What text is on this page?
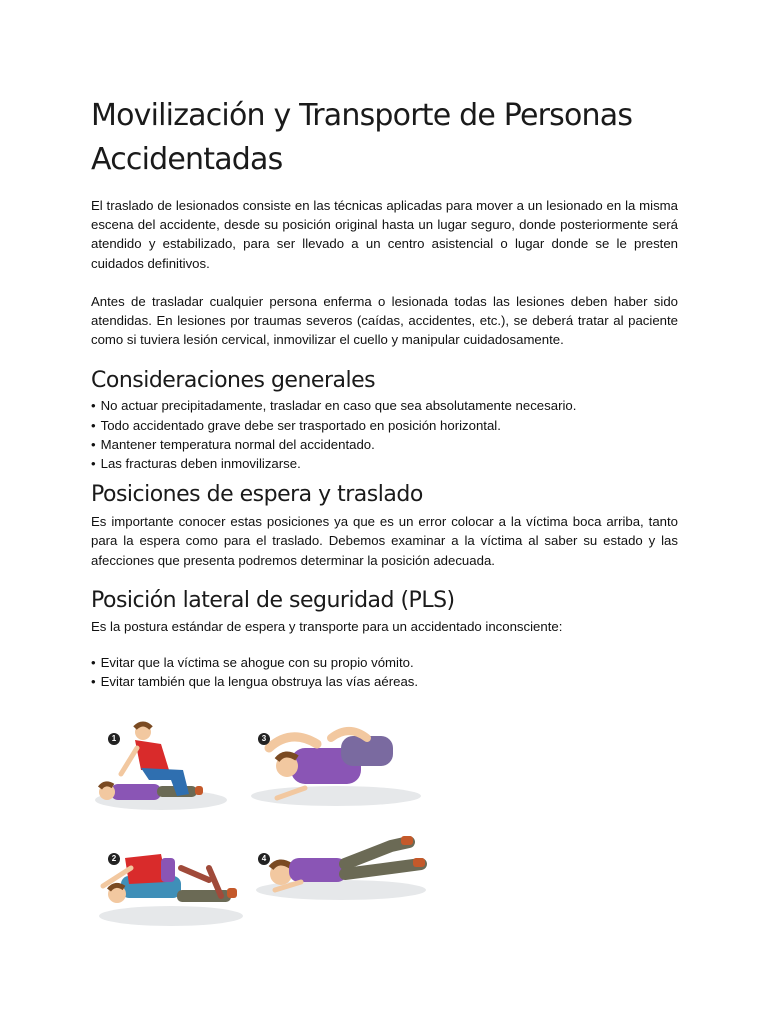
Movilización y Transporte de Personas Accidentadas

El traslado de lesionados consiste en las técnicas aplicadas para mover a un lesionado en la misma escena del accidente, desde su posición original hasta un lugar seguro, donde posteriormente será atendido y estabilizado, para ser llevado a un centro asistencial o lugar donde se le presten cuidados definitivos.

Antes de trasladar cualquier persona enferma o lesionada todas las lesiones deben haber sido atendidas. En lesiones por traumas severos (caídas, accidentes, etc.), se deberá tratar al paciente como si tuviera lesión cervical, inmovilizar el cuello y manipular cuidadosamente.

Consideraciones generales
• No actuar precipitadamente, trasladar en caso que sea absolutamente necesario.
• Todo accidentado grave debe ser trasportado en posición horizontal.
• Mantener temperatura normal del accidentado.
• Las fracturas deben inmovilizarse.
Posiciones de espera y traslado

Es importante conocer estas posiciones ya que es un error colocar a la víctima boca arriba, tanto para la espera como para el traslado. Debemos examinar a la víctima al saber su estado y las afecciones que presenta podremos determinar la posición adecuada.

Posición lateral de seguridad (PLS)

Es la postura estándar de espera y transporte para un accidentado inconsciente:

• Evitar que la víctima se ahogue con su propio vómito.
• Evitar también que la lengua obstruya las vías aéreas.
1	3
2	4
